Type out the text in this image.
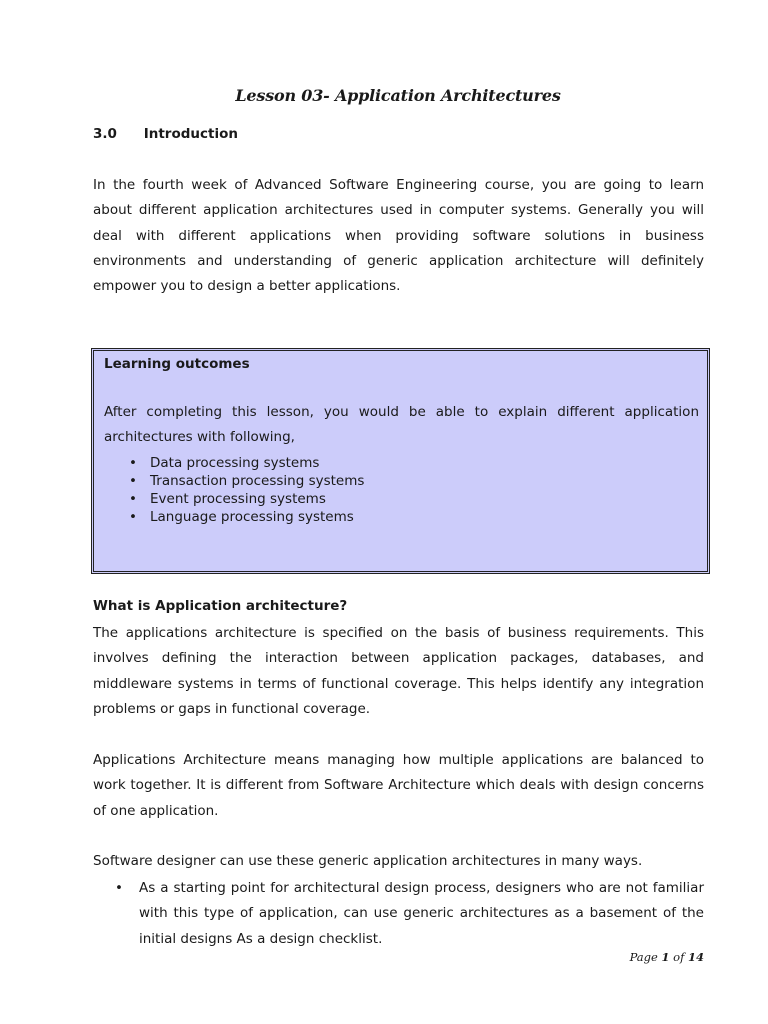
Lesson 03- Application Architectures
3.0 Introduction

In the fourth week of Advanced Software Engineering course, you are going to learn about different application architectures used in computer systems. Generally you will deal with different applications when providing software solutions in business environments and understanding of generic application architecture will definitely empower you to design a better applications.

Learning outcomes

After completing this lesson, you would be able to explain different application architectures with following,

• Data processing systems
• Transaction processing systems
• Event processing systems
• Language processing systems
What is Application architecture?

The applications architecture is specified on the basis of business requirements. This involves defining the interaction between application packages, databases, and middleware systems in terms of functional coverage. This helps identify any integration problems or gaps in functional coverage.

Applications Architecture means managing how multiple applications are balanced to work together. It is different from Software Architecture which deals with design concerns of one application.

Software designer can use these generic application architectures in many ways.

• As a starting point for architectural design process, designers who are not familiar with this type of application, can use generic architectures as a basement of the initial designs As a design checklist.
Page 1 of 14
